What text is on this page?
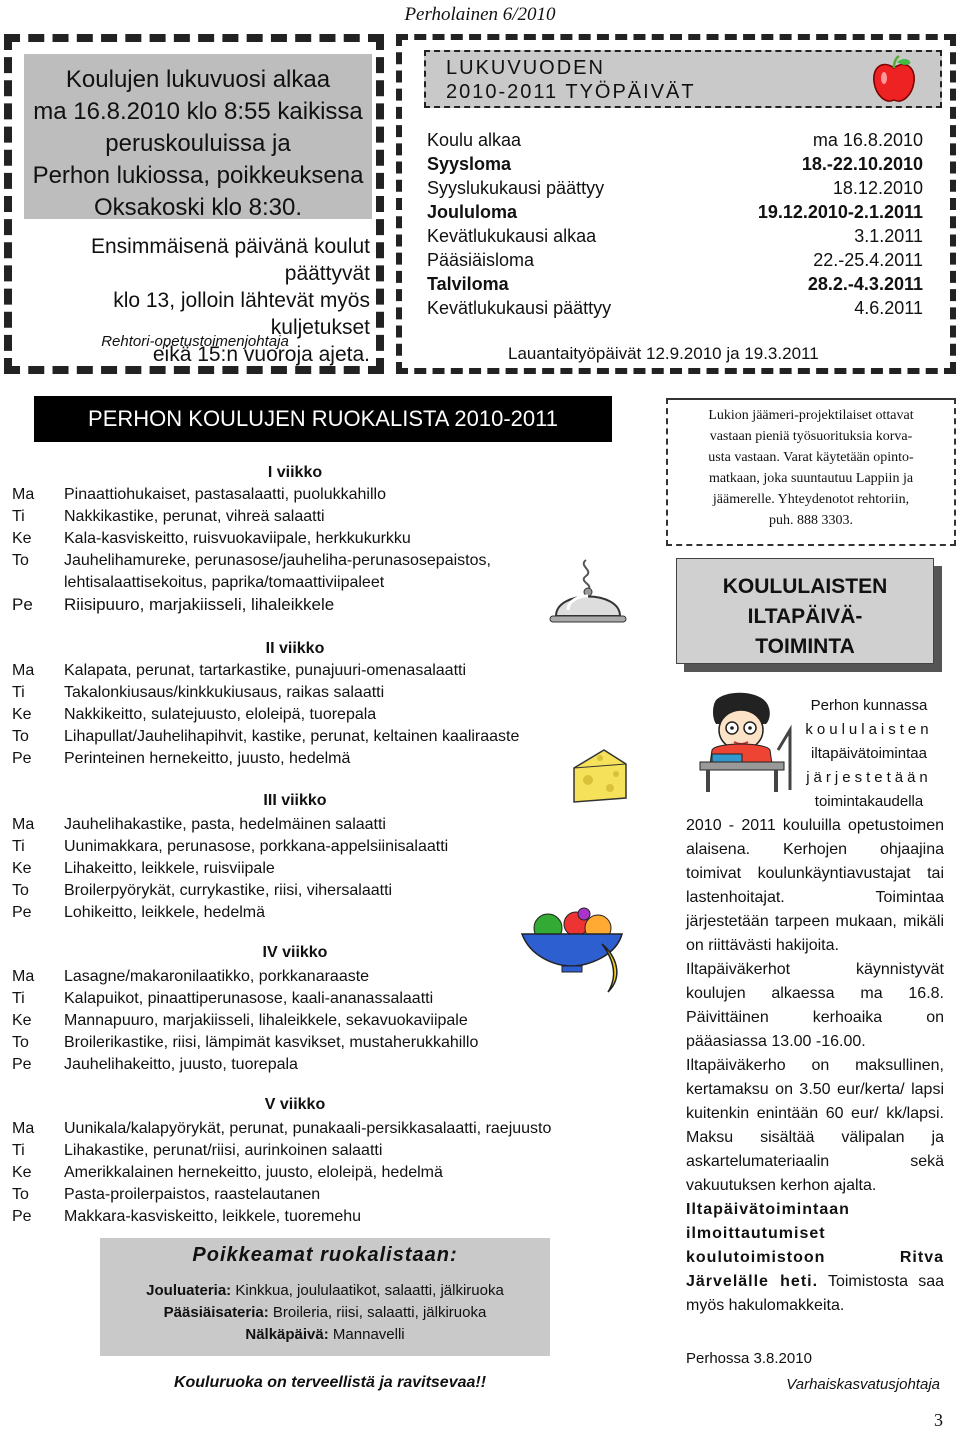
Perholainen 6/2010
Koulujen lukuvuosi alkaa
ma 16.8.2010 klo 8:55 kaikissa
peruskouluissa ja
Perhon lukiossa, poikkeuksena
Oksakoski klo 8:30.
Ensimmäisenä päivänä koulut päättyvät
klo 13, jolloin lähtevät myös kuljetukset
eikä 15:n vuoroja ajeta.
Rehtori-opetustoimenjohtaja
LUKUVUODEN
2010-2011 TYÖPÄIVÄT
Koulu alkaa	ma 16.8.2010
Syysloma	18.-22.10.2010
Syyslukukausi päättyy	18.12.2010
Joululoma	19.12.2010-2.1.2011
Kevätlukukausi alkaa	3.1.2011
Pääsiäisloma	22.-25.4.2011
Talviloma	28.2.-4.3.2011
Kevätlukukausi päättyy	4.6.2011
Lauantaityöpäivät 12.9.2010 ja 19.3.2011
PERHON KOULUJEN RUOKALISTA 2010-2011
I viikko
Ma Pinaattiohukaiset, pastasalaatti, puolukkahillo
Ti Nakkikastike, perunat, vihreä salaatti
Ke Kala-kasviskeitto, ruisvuokaviipale, herkkukurkku
To Jauhelihamureke, perunasose/jauheliha-perunasosepaistos,
lehtisalaattisekoitus, paprika/tomaattiviipaleet
Pe Riisipuuro, marjakiisseli, lihaleikkele
II viikko
Ma Kalapata, perunat, tartarkastike, punajuuri-omenasalaatti
Ti Takalonkiusaus/kinkkukiusaus, raikas salaatti
Ke Nakkikeitto, sulatejuusto, eloleipä, tuorepala
To Lihapullat/Jauhelihapihvit, kastike, perunat, keltainen kaaliraaste
Pe Perinteinen hernekeitto, juusto, hedelmä
III viikko
Ma Jauhelihakastike, pasta, hedelmäinen salaatti
Ti Uunimakkara, perunasose, porkkana-appelsiinisalaatti
Ke Lihakeitto, leikkele, ruisviipale
To Broilerpyörykät, currykastike, riisi, vihersalaatti
Pe Lohikeitto, leikkele, hedelmä
IV viikko
Ma Lasagne/makaronilaatikko, porkkanaraaste
Ti Kalapuikot, pinaattiperunasose, kaali-ananassalaatti
Ke Mannapuuro, marjakiisseli, lihaleikkele, sekavuokaviipale
To Broilerikastike, riisi, lämpimät kasvikset, mustaherukkahillo
Pe Jauhelihakeitto, juusto, tuorepala
V viikko
Ma Uunikala/kalapyörykät, perunat, punakaali-persikkasalaatti, raejuusto
Ti Lihakastike, perunat/riisi, aurinkoinen salaatti
Ke Amerikkalainen hernekeitto, juusto, eloleipä, hedelmä
To Pasta-proilerpaistos, raastelautanen
Pe Makkara-kasviskeitto, leikkele, tuoremehu
Poikkeamat ruokalistaan:
Jouluateria: Kinkkua, joululaatikot, salaatti, jälkiruoka
Pääsiäisateria: Broileria, riisi, salaatti, jälkiruoka
Nälkäpäivä: Mannavelli
Kouluruoka on terveellistä ja ravitsevaa!!
Lukion jäämeri-projektilaiset ottavat
vastaan pieniä työsuorituksia korva-
usta vastaan. Varat käytetään opinto-
matkaan, joka suuntautuu Lappiin ja
jäämerelle. Yhteydenotot rehtoriin,
puh. 888 3303.
KOULULAISTEN
ILTAPÄIVÄ-
TOIMINTA
Perhon kunnassa
koululaisten
iltapäivätoimintaa
järjestetään
toimintakaudella

2010 - 2011 kouluilla opetustoimen alaisena. Kerhojen ohjaajina toimivat koulunkäyntiavustajat tai lastenhoitajat. Toimintaa järjestetään tarpeen mukaan, mikäli on riittävästi hakijoita.

Iltapäiväkerhot käynnistyvät koulujen alkaessa ma 16.8. Päivittäinen kerhoaika on pääasiassa 13.00 -16.00.

Iltapäiväkerho on maksullinen, kertamaksu on 3.50 eur/kerta/ lapsi kuitenkin enintään 60 eur/ kk/lapsi. Maksu sisältää välipalan ja askartelumateriaalin sekä vakuutuksen kerhon ajalta.

Iltapäivätoimintaan ilmoittautumiset koulutoimistoon Ritva Järvelälle heti. Toimistosta saa myös hakulomakkeita.

Perhossa 3.8.2010
Varhaiskasvatusjohtaja
3
